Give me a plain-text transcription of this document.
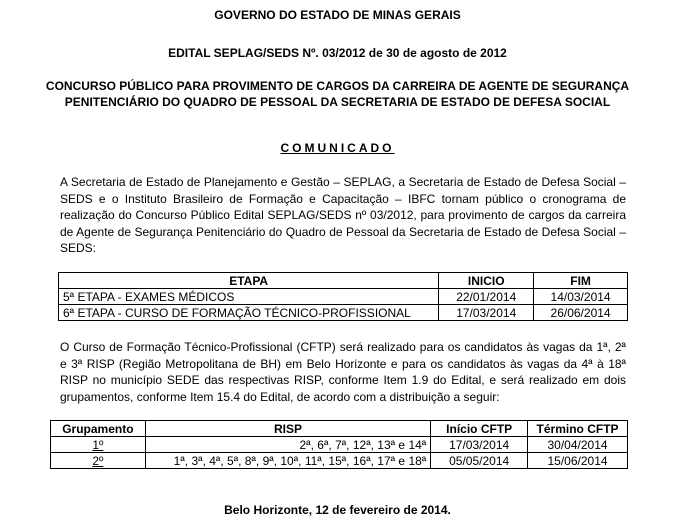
GOVERNO DO ESTADO DE MINAS GERAIS
EDITAL SEPLAG/SEDS Nº. 03/2012 de 30 de agosto de 2012
CONCURSO PÚBLICO PARA PROVIMENTO DE CARGOS DA CARREIRA DE AGENTE DE SEGURANÇA
PENITENCIÁRIO DO QUADRO DE PESSOAL DA SECRETARIA DE ESTADO DE DEFESA SOCIAL
COMUNICADO
A Secretaria de Estado de Planejamento e Gestão – SEPLAG, a Secretaria de Estado de Defesa Social – SEDS e o Instituto Brasileiro de Formação e Capacitação – IBFC tornam público o cronograma de realização do Concurso Público Edital SEPLAG/SEDS nº 03/2012, para provimento de cargos da carreira de Agente de Segurança Penitenciário do Quadro de Pessoal da Secretaria de Estado de Defesa Social – SEDS:
ETAPA	INICIO	FIM
5ª ETAPA - EXAMES MÉDICOS	22/01/2014	14/03/2014
6ª ETAPA - CURSO DE FORMAÇÃO TÉCNICO-PROFISSIONAL	17/03/2014	26/06/2014
O Curso de Formação Técnico-Profissional (CFTP) será realizado para os candidatos às vagas da 1ª, 2ª e 3ª RISP (Região Metropolitana de BH) em Belo Horizonte e para os candidatos às vagas da 4ª à 18ª RISP no município SEDE das respectivas RISP, conforme Item 1.9 do Edital, e será realizado em dois grupamentos, conforme Item 15.4 do Edital, de acordo com a distribuição a seguir:
Grupamento	RISP	Início CFTP	Término CFTP
1º	2ª, 6ª, 7ª, 12ª, 13ª e 14ª	17/03/2014	30/04/2014
2º	1ª, 3ª, 4ª, 5ª, 8ª, 9ª, 10ª, 11ª, 15ª, 16ª, 17ª e 18ª	05/05/2014	15/06/2014
Belo Horizonte, 12 de fevereiro de 2014.
